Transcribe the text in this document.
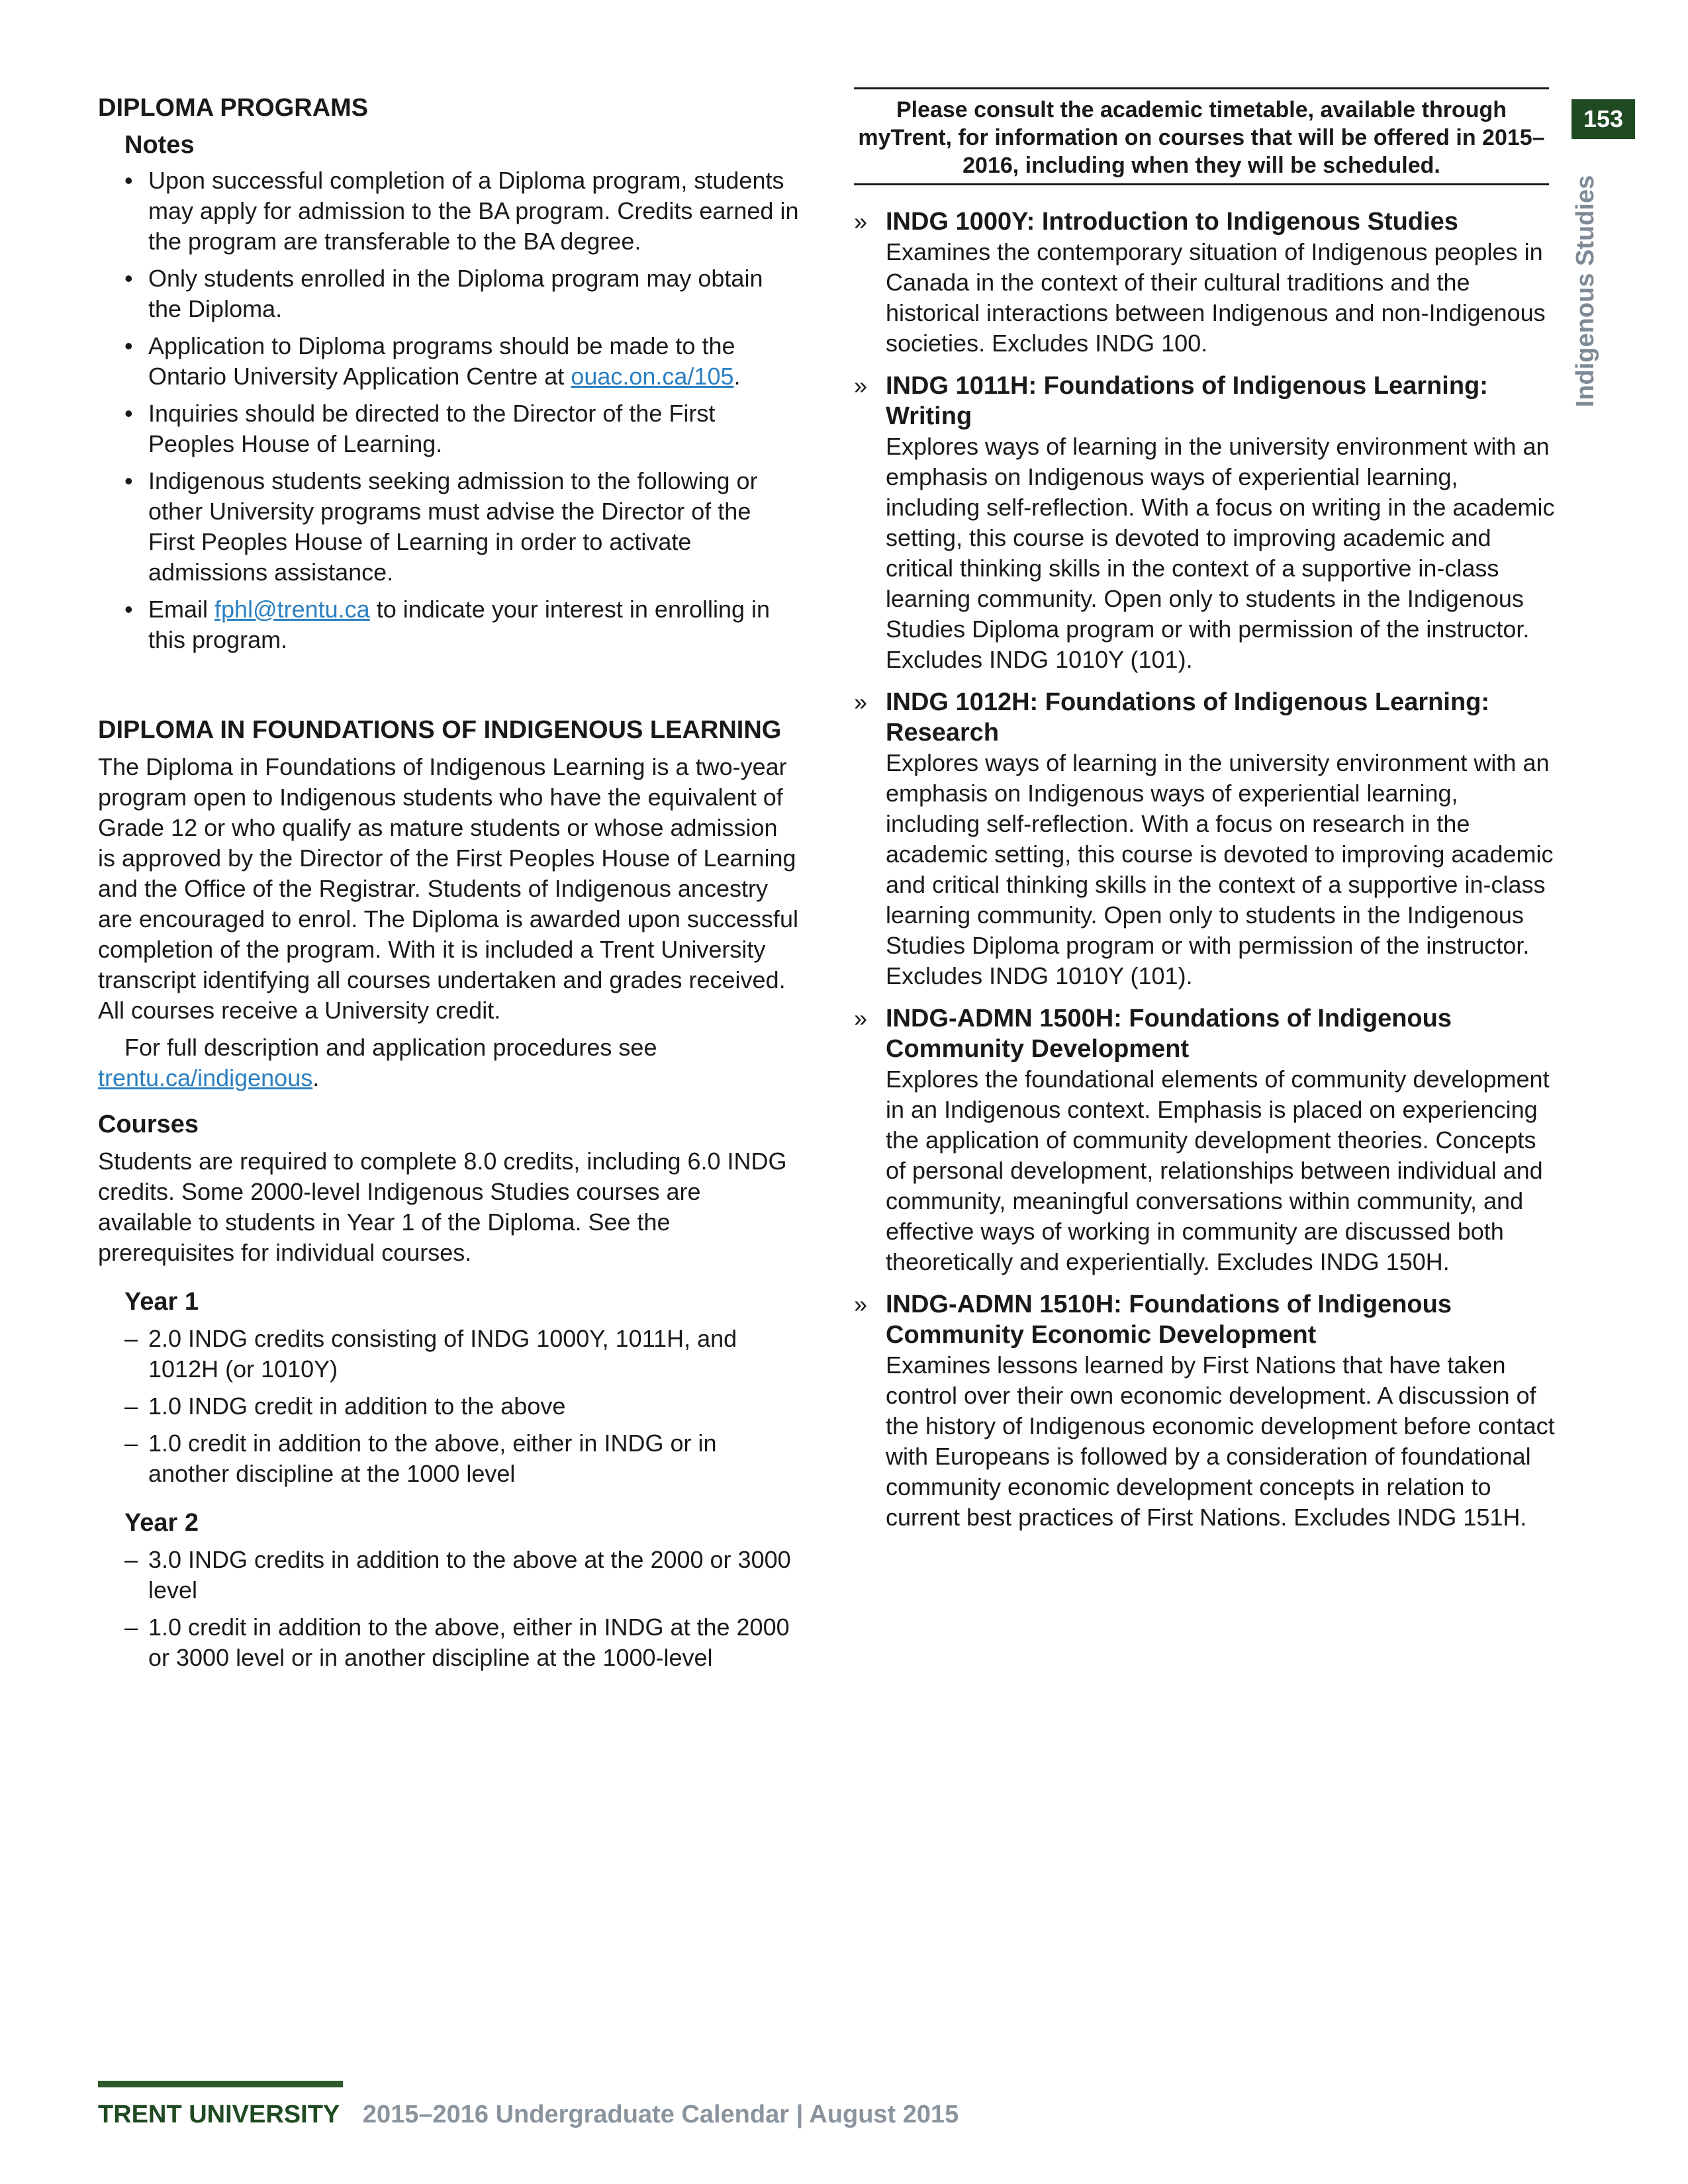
DIPLOMA PROGRAMS
Notes
• Upon successful completion of a Diploma program, students may apply for admission to the BA program. Credits earned in the program are transferable to the BA degree.
• Only students enrolled in the Diploma program may obtain the Diploma.
• Application to Diploma programs should be made to the Ontario University Application Centre at ouac.on.ca/105.
• Inquiries should be directed to the Director of the First Peoples House of Learning.
• Indigenous students seeking admission to the following or other University programs must advise the Director of the First Peoples House of Learning in order to activate admissions assistance.
• Email fphl@trentu.ca to indicate your interest in enrolling in this program.
DIPLOMA IN FOUNDATIONS OF INDIGENOUS LEARNING

The Diploma in Foundations of Indigenous Learning is a two-year program open to Indigenous students who have the equivalent of Grade 12 or who qualify as mature students or whose admission is approved by the Director of the First Peoples House of Learning and the Office of the Registrar. Students of Indigenous ancestry are encouraged to enrol. The Diploma is awarded upon successful completion of the program. With it is included a Trent University transcript identifying all courses undertaken and grades received. All courses receive a University credit.

For full description and application procedures see trentu.ca/indigenous.

Courses

Students are required to complete 8.0 credits, including 6.0 INDG credits. Some 2000-level Indigenous Studies courses are available to students in Year 1 of the Diploma. See the prerequisites for individual courses.

Year 1
– 2.0 INDG credits consisting of INDG 1000Y, 1011H, and 1012H (or 1010Y)
– 1.0 INDG credit in addition to the above
– 1.0 credit in addition to the above, either in INDG or in another discipline at the 1000 level
Year 2
– 3.0 INDG credits in addition to the above at the 2000 or 3000 level
– 1.0 credit in addition to the above, either in INDG at the 2000 or 3000 level or in another discipline at the 1000-level
Please consult the academic timetable, available through myTrent, for information on courses that will be offered in 2015–2016, including when they will be scheduled.
» INDG 1000Y: Introduction to Indigenous Studies
Examines the contemporary situation of Indigenous peoples in Canada in the context of their cultural traditions and the historical interactions between Indigenous and non-Indigenous societies. Excludes INDG 100.
» INDG 1011H: Foundations of Indigenous Learning: Writing
Explores ways of learning in the university environment with an emphasis on Indigenous ways of experiential learning, including self-reflection. With a focus on writing in the academic setting, this course is devoted to improving academic and critical thinking skills in the context of a supportive in-class learning community. Open only to students in the Indigenous Studies Diploma program or with permission of the instructor. Excludes INDG 1010Y (101).
» INDG 1012H: Foundations of Indigenous Learning: Research
Explores ways of learning in the university environment with an emphasis on Indigenous ways of experiential learning, including self-reflection. With a focus on research in the academic setting, this course is devoted to improving academic and critical thinking skills in the context of a supportive in-class learning community. Open only to students in the Indigenous Studies Diploma program or with permission of the instructor. Excludes INDG 1010Y (101).
» INDG-ADMN 1500H: Foundations of Indigenous Community Development
Explores the foundational elements of community development in an Indigenous context. Emphasis is placed on experiencing the application of community development theories. Concepts of personal development, relationships between individual and community, meaningful conversations within community, and effective ways of working in community are discussed both theoretically and experientially. Excludes INDG 150H.
» INDG-ADMN 1510H: Foundations of Indigenous Community Economic Development
Examines lessons learned by First Nations that have taken control over their own economic development. A discussion of the history of Indigenous economic development before contact with Europeans is followed by a consideration of foundational community economic development concepts in relation to current best practices of First Nations. Excludes INDG 151H.
153
Indigenous Studies
TRENT UNIVERSITY 2015–2016 Undergraduate Calendar | August 2015
